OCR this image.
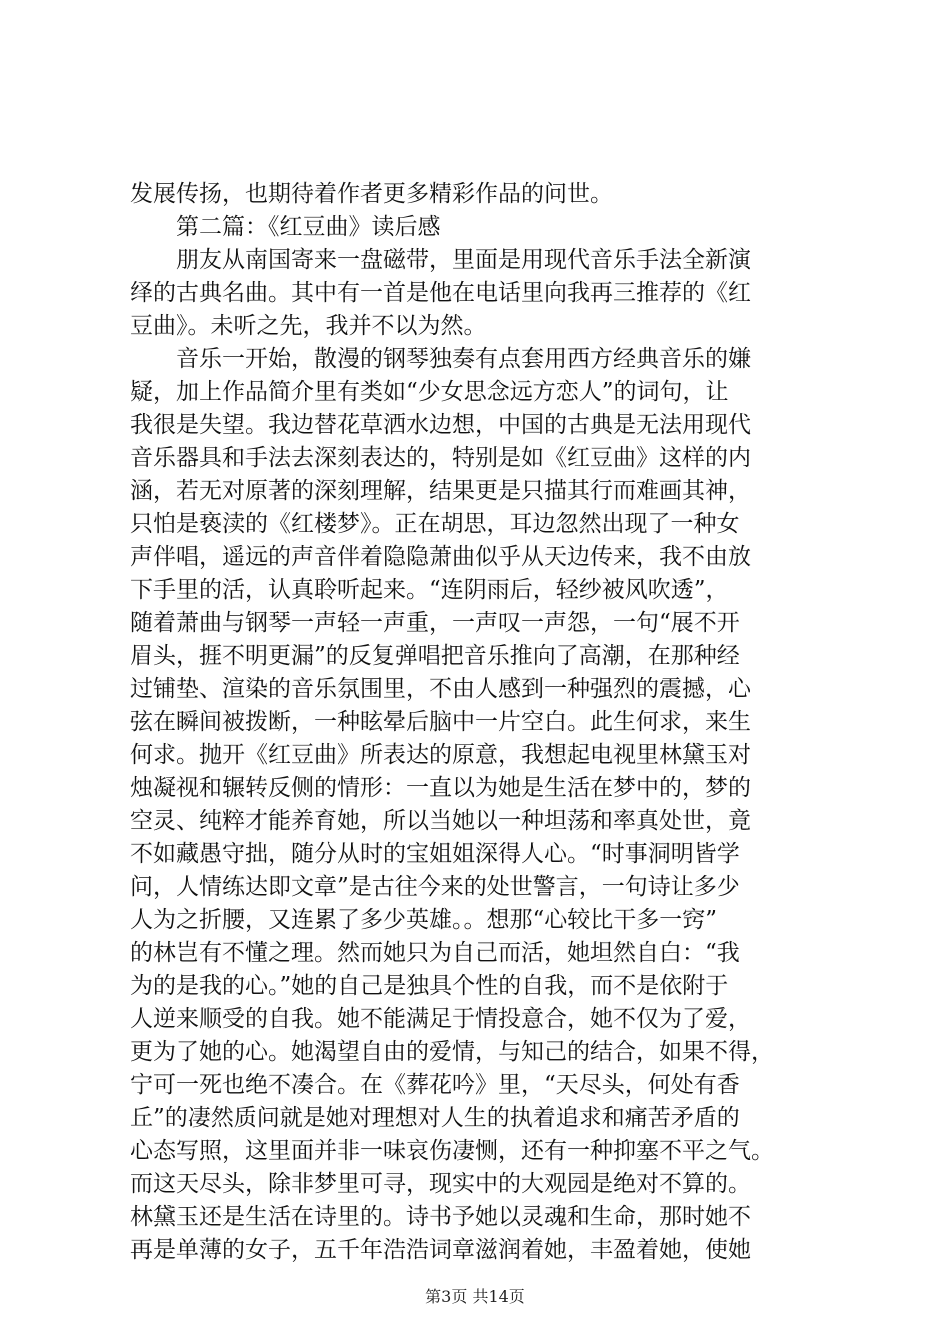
发展传扬，也期待着作者更多精彩作品的问世。
　　第二篇：《红豆曲》读后感
　　朋友从南国寄来一盘磁带，里面是用现代音乐手法全新演
绎的古典名曲。其中有一首是他在电话里向我再三推荐的《红
豆曲》。未听之先，我并不以为然。
　　音乐一开始，散漫的钢琴独奏有点套用西方经典音乐的嫌
疑，加上作品简介里有类如“少女思念远方恋人”的词句，让
我很是失望。我边替花草洒水边想，中国的古典是无法用现代
音乐器具和手法去深刻表达的，特别是如《红豆曲》这样的内
涵，若无对原著的深刻理解，结果更是只描其行而难画其神，
只怕是亵渎的《红楼梦》。正在胡思，耳边忽然出现了一种女
声伴唱，遥远的声音伴着隐隐萧曲似乎从天边传来，我不由放
下手里的活，认真聆听起来。“连阴雨后，轻纱被风吹透”，
随着萧曲与钢琴一声轻一声重，一声叹一声怨，一句“展不开
眉头，捱不明更漏”的反复弹唱把音乐推向了高潮，在那种经
过铺垫、渲染的音乐氛围里，不由人感到一种强烈的震撼，心
弦在瞬间被拨断，一种眩晕后脑中一片空白。此生何求，来生
何求。抛开《红豆曲》所表达的原意，我想起电视里林黛玉对
烛凝视和辗转反侧的情形：一直以为她是生活在梦中的，梦的
空灵、纯粹才能养育她，所以当她以一种坦荡和率真处世，竟
不如藏愚守拙，随分从时的宝姐姐深得人心。“时事洞明皆学
问，人情练达即文章”是古往今来的处世警言，一句诗让多少
人为之折腰，又连累了多少英雄。。想那“心较比干多一窍”
的林岂有不懂之理。然而她只为自己而活，她坦然自白：“我
为的是我的心。”她的自己是独具个性的自我，而不是依附于
人逆来顺受的自我。她不能满足于情投意合，她不仅为了爱，
更为了她的心。她渴望自由的爱情，与知己的结合，如果不得，
宁可一死也绝不凑合。在《葬花吟》里，“天尽头，何处有香
丘”的凄然质问就是她对理想对人生的执着追求和痛苦矛盾的
心态写照，这里面并非一味哀伤凄恻，还有一种抑塞不平之气。
而这天尽头，除非梦里可寻，现实中的大观园是绝对不算的。
林黛玉还是生活在诗里的。诗书予她以灵魂和生命，那时她不
再是单薄的女子，五千年浩浩词章滋润着她，丰盈着她，使她
第3页 共14页
